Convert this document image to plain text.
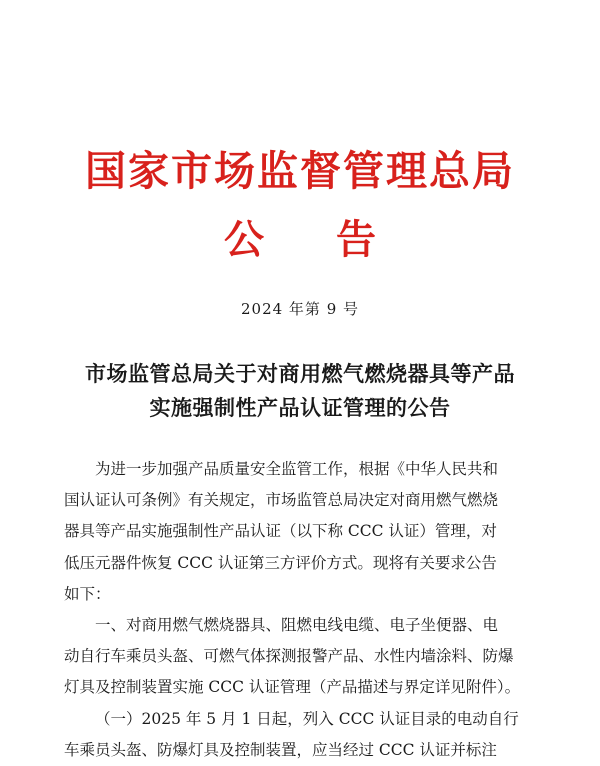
国家市场监督管理总局
公告
2024 年第 9 号
市场监管总局关于对商用燃气燃烧器具等产品
实施强制性产品认证管理的公告
为进一步加强产品质量安全监管工作，根据《中华人民共和
国认证认可条例》有关规定，市场监管总局决定对商用燃气燃烧
器具等产品实施强制性产品认证（以下称 CCC 认证）管理，对
低压元器件恢复 CCC 认证第三方评价方式。现将有关要求公告
如下：
一、对商用燃气燃烧器具、阻燃电线电缆、电子坐便器、电
动自行车乘员头盔、可燃气体探测报警产品、水性内墙涂料、防爆
灯具及控制装置实施 CCC 认证管理（产品描述与界定详见附件）。
（一）2025 年 5 月 1 日起，列入 CCC 认证目录的电动自行
车乘员头盔、防爆灯具及控制装置，应当经过 CCC 认证并标注
